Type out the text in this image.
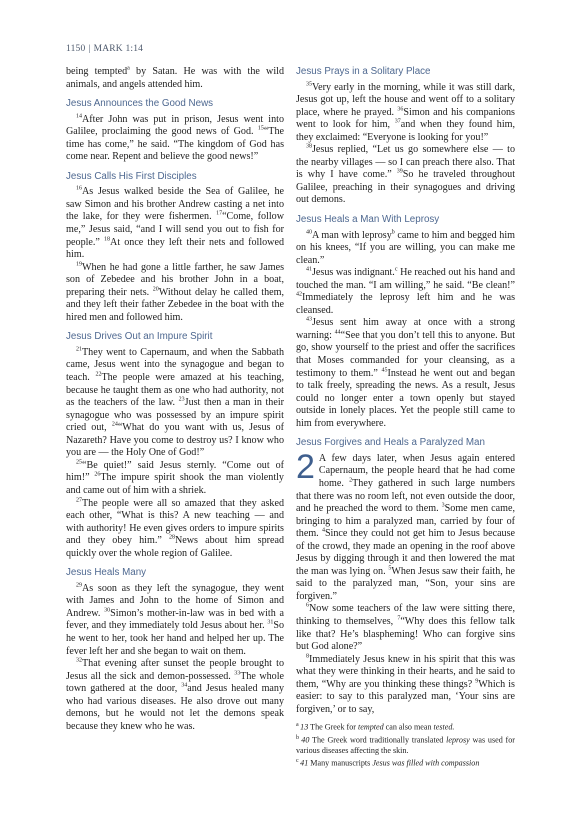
1150 | MARK 1:14

being tempted$^a$ by Satan. He was with the wild animals, and angels attended him.

Jesus Announces the Good News

$^{14}$After John was put in prison, Jesus went into Galilee, proclaiming the good news of God. $^{15}$“The time has come,” he said. “The kingdom of God has come near. Repent and believe the good news!”

Jesus Calls His First Disciples

$^{16}$As Jesus walked beside the Sea of Galilee, he saw Simon and his brother Andrew casting a net into the lake, for they were fishermen. $^{17}$“Come, follow me,” Jesus said, “and I will send you out to fish for people.” $^{18}$At once they left their nets and followed him.

$^{19}$When he had gone a little farther, he saw James son of Zebedee and his brother John in a boat, preparing their nets. $^{20}$Without delay he called them, and they left their father Zebedee in the boat with the hired men and followed him.

Jesus Drives Out an Impure Spirit

$^{21}$They went to Capernaum, and when the Sabbath came, Jesus went into the synagogue and began to teach. $^{22}$The people were amazed at his teaching, because he taught them as one who had authority, not as the teachers of the law. $^{23}$Just then a man in their synagogue who was possessed by an impure spirit cried out, $^{24}$“What do you want with us, Jesus of Nazareth? Have you come to destroy us? I know who you are — the Holy One of God!”

$^{25}$“Be quiet!” said Jesus sternly. “Come out of him!” $^{26}$The impure spirit shook the man violently and came out of him with a shriek.

$^{27}$The people were all so amazed that they asked each other, “What is this? A new teaching — and with authority! He even gives orders to impure spirits and they obey him.” $^{28}$News about him spread quickly over the whole region of Galilee.

Jesus Heals Many

$^{29}$As soon as they left the synagogue, they went with James and John to the home of Simon and Andrew. $^{30}$Simon’s mother-in-law was in bed with a fever, and they immediately told Jesus about her. $^{31}$So he went to her, took her hand and helped her up. The fever left her and she began to wait on them.

$^{32}$That evening after sunset the people brought to Jesus all the sick and demon-possessed. $^{33}$The whole town gathered at the door, $^{34}$and Jesus healed many who had various diseases. He also drove out many demons, but he would not let the demons speak because they knew who he was.

Jesus Prays in a Solitary Place

$^{35}$Very early in the morning, while it was still dark, Jesus got up, left the house and went off to a solitary place, where he prayed. $^{36}$Simon and his companions went to look for him, $^{37}$and when they found him, they exclaimed: “Everyone is looking for you!”

$^{38}$Jesus replied, “Let us go somewhere else — to the nearby villages — so I can preach there also. That is why I have come.” $^{39}$So he traveled throughout Galilee, preaching in their synagogues and driving out demons.

Jesus Heals a Man With Leprosy

$^{40}$A man with leprosy$^b$ came to him and begged him on his knees, “If you are willing, you can make me clean.”

$^{41}$Jesus was indignant.$^c$ He reached out his hand and touched the man. “I am willing,” he said. “Be clean!” $^{42}$Immediately the leprosy left him and he was cleansed.

$^{43}$Jesus sent him away at once with a strong warning: $^{44}$“See that you don’t tell this to anyone. But go, show yourself to the priest and offer the sacrifices that Moses commanded for your cleansing, as a testimony to them.” $^{45}$Instead he went out and began to talk freely, spreading the news. As a result, Jesus could no longer enter a town openly but stayed outside in lonely places. Yet the people still came to him from everywhere.

Jesus Forgives and Heals a Paralyzed Man

2 A few days later, when Jesus again entered Capernaum, the people heard that he had come home. $^2$They gathered in such large numbers that there was no room left, not even outside the door, and he preached the word to them. $^3$Some men came, bringing to him a paralyzed man, carried by four of them. $^4$Since they could not get him to Jesus because of the crowd, they made an opening in the roof above Jesus by digging through it and then lowered the mat the man was lying on. $^5$When Jesus saw their faith, he said to the paralyzed man, “Son, your sins are forgiven.”

$^6$Now some teachers of the law were sitting there, thinking to themselves, $^7$“Why does this fellow talk like that? He’s blaspheming! Who can forgive sins but God alone?”

$^8$Immediately Jesus knew in his spirit that this was what they were thinking in their hearts, and he said to them, “Why are you thinking these things? $^9$Which is easier: to say to this paralyzed man, ‘Your sins are forgiven,’ or to say,

$^a$ 13 The Greek for tempted can also mean tested.
$^b$ 40 The Greek word traditionally translated leprosy was used for various diseases affecting the skin.
$^c$ 41 Many manuscripts Jesus was filled with compassion
